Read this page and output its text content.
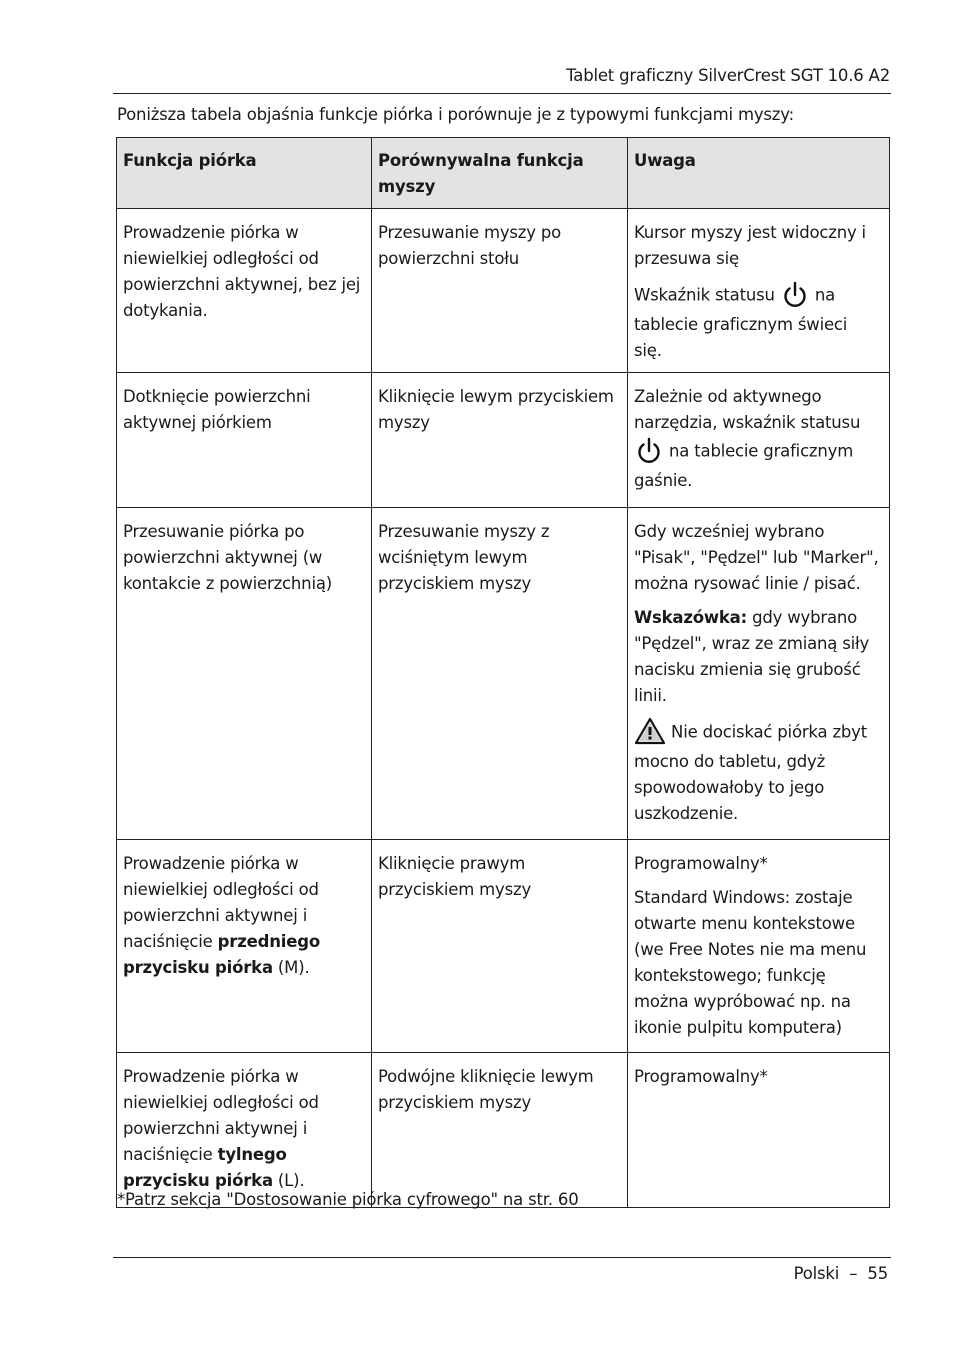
Tablet graficzny SilverCrest SGT 10.6 A2
Poniższa tabela objaśnia funkcje piórka i porównuje je z typowymi funkcjami myszy:
Funkcja piórka	Porównywalna funkcja myszy	Uwaga
Prowadzenie piórka w niewielkiej odległości od powierzchni aktywnej, bez jej dotykania.	Przesuwanie myszy po powierzchni stołu	Kursor myszy jest widoczny i przesuwa się

Wskaźnik statusu na tablecie graficznym świeci się.

Dotknięcie powierzchni aktywnej piórkiem	Kliknięcie lewym przyciskiem myszy	Zależnie od aktywnego narzędzia, wskaźnik statusu
na tablecie graficznym gaśnie.

Przesuwanie piórka po powierzchni aktywnej (w kontakcie z powierzchnią)	Przesuwanie myszy z wciśniętym lewym przyciskiem myszy	Gdy wcześniej wybrano "Pisak", "Pędzel" lub "Marker", można rysować linie / pisać.

Wskazówka: gdy wybrano "Pędzel", wraz ze zmianą siły nacisku zmienia się grubość linii.

Nie dociskać piórka zbyt mocno do tabletu, gdyż spowodowałoby to jego uszkodzenie.

Prowadzenie piórka w niewielkiej odległości od powierzchni aktywnej i naciśnięcie przedniego przycisku piórka (M).	Kliknięcie prawym przyciskiem myszy	Programowalny*

Standard Windows: zostaje otwarte menu kontekstowe (we Free Notes nie ma menu kontekstowego; funkcję można wypróbować np. na ikonie pulpitu komputera)

Prowadzenie piórka w niewielkiej odległości od powierzchni aktywnej i naciśnięcie tylnego przycisku piórka (L).	Podwójne kliknięcie lewym przyciskiem myszy	Programowalny*

*Patrz sekcja "Dostosowanie piórka cyfrowego" na str. 60
Polski  –  55
